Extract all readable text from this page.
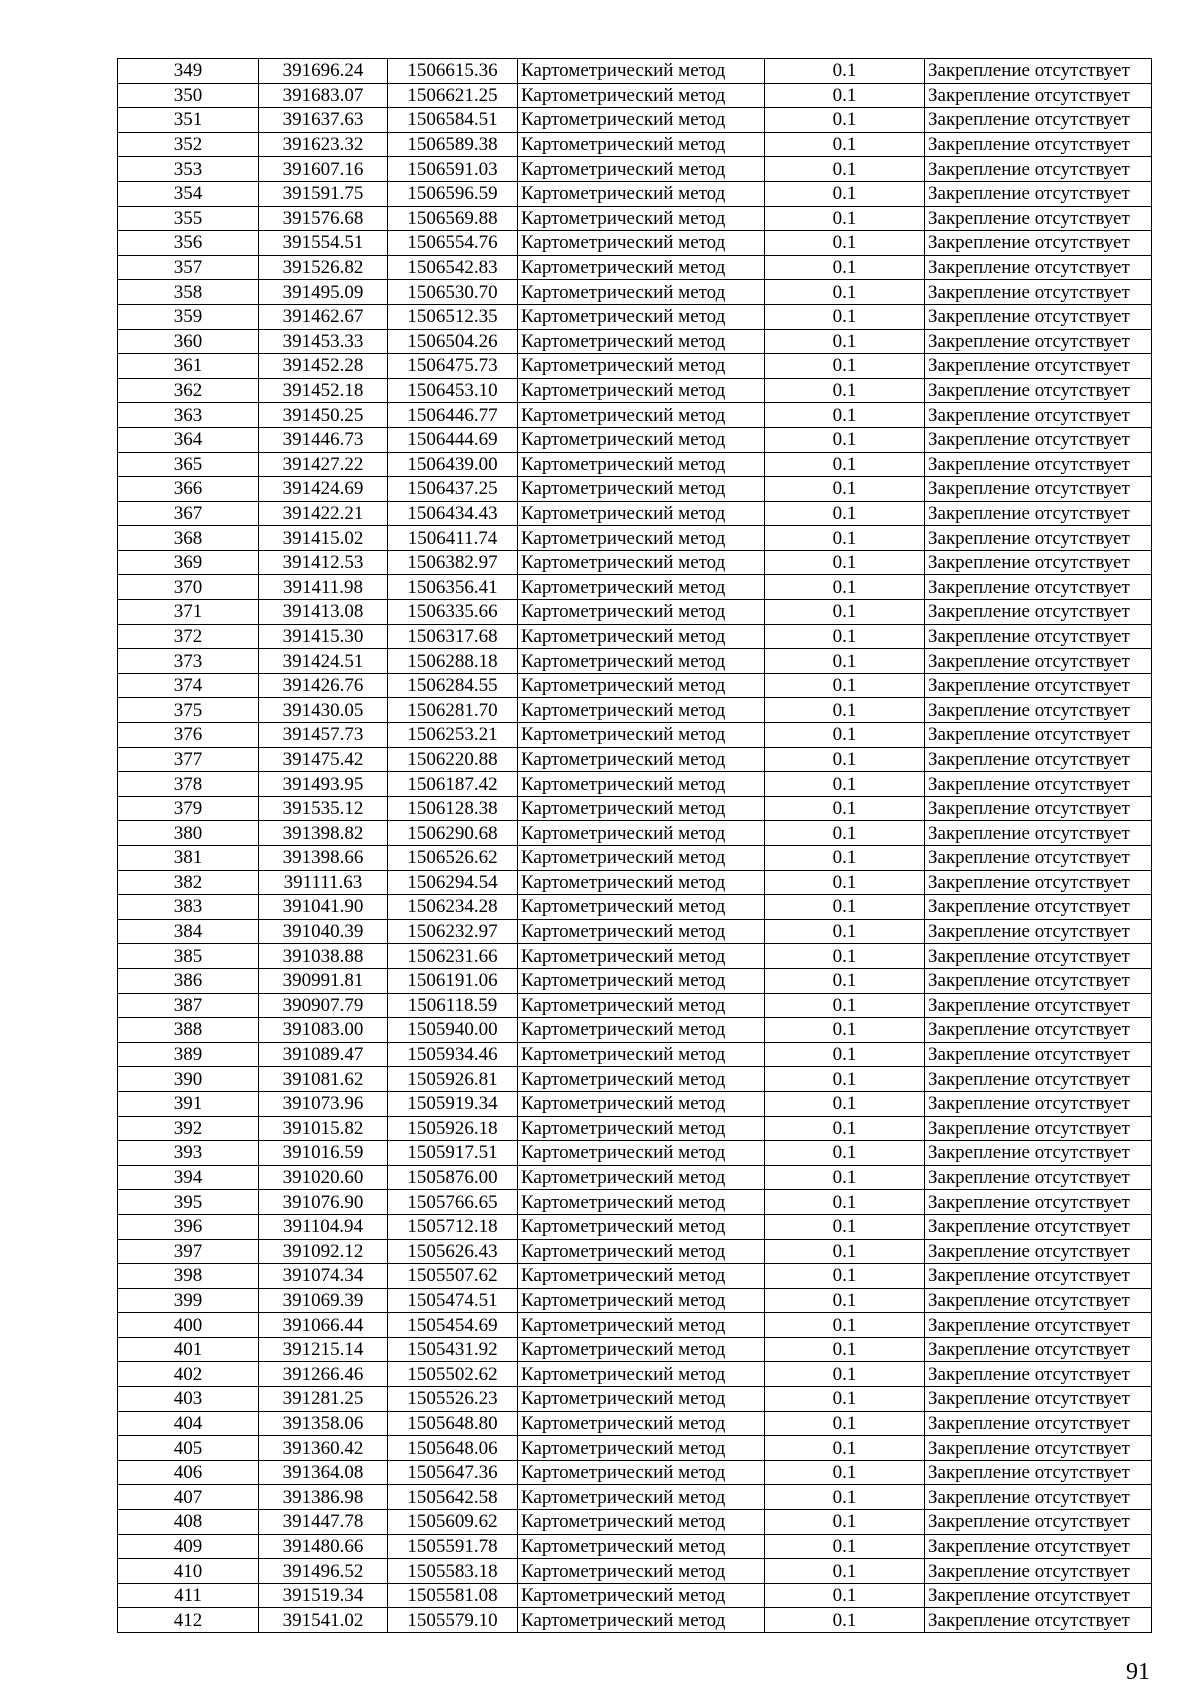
349	391696.24	1506615.36	Картометрический метод	0.1	Закрепление отсутствует
350	391683.07	1506621.25	Картометрический метод	0.1	Закрепление отсутствует
351	391637.63	1506584.51	Картометрический метод	0.1	Закрепление отсутствует
352	391623.32	1506589.38	Картометрический метод	0.1	Закрепление отсутствует
353	391607.16	1506591.03	Картометрический метод	0.1	Закрепление отсутствует
354	391591.75	1506596.59	Картометрический метод	0.1	Закрепление отсутствует
355	391576.68	1506569.88	Картометрический метод	0.1	Закрепление отсутствует
356	391554.51	1506554.76	Картометрический метод	0.1	Закрепление отсутствует
357	391526.82	1506542.83	Картометрический метод	0.1	Закрепление отсутствует
358	391495.09	1506530.70	Картометрический метод	0.1	Закрепление отсутствует
359	391462.67	1506512.35	Картометрический метод	0.1	Закрепление отсутствует
360	391453.33	1506504.26	Картометрический метод	0.1	Закрепление отсутствует
361	391452.28	1506475.73	Картометрический метод	0.1	Закрепление отсутствует
362	391452.18	1506453.10	Картометрический метод	0.1	Закрепление отсутствует
363	391450.25	1506446.77	Картометрический метод	0.1	Закрепление отсутствует
364	391446.73	1506444.69	Картометрический метод	0.1	Закрепление отсутствует
365	391427.22	1506439.00	Картометрический метод	0.1	Закрепление отсутствует
366	391424.69	1506437.25	Картометрический метод	0.1	Закрепление отсутствует
367	391422.21	1506434.43	Картометрический метод	0.1	Закрепление отсутствует
368	391415.02	1506411.74	Картометрический метод	0.1	Закрепление отсутствует
369	391412.53	1506382.97	Картометрический метод	0.1	Закрепление отсутствует
370	391411.98	1506356.41	Картометрический метод	0.1	Закрепление отсутствует
371	391413.08	1506335.66	Картометрический метод	0.1	Закрепление отсутствует
372	391415.30	1506317.68	Картометрический метод	0.1	Закрепление отсутствует
373	391424.51	1506288.18	Картометрический метод	0.1	Закрепление отсутствует
374	391426.76	1506284.55	Картометрический метод	0.1	Закрепление отсутствует
375	391430.05	1506281.70	Картометрический метод	0.1	Закрепление отсутствует
376	391457.73	1506253.21	Картометрический метод	0.1	Закрепление отсутствует
377	391475.42	1506220.88	Картометрический метод	0.1	Закрепление отсутствует
378	391493.95	1506187.42	Картометрический метод	0.1	Закрепление отсутствует
379	391535.12	1506128.38	Картометрический метод	0.1	Закрепление отсутствует
380	391398.82	1506290.68	Картометрический метод	0.1	Закрепление отсутствует
381	391398.66	1506526.62	Картометрический метод	0.1	Закрепление отсутствует
382	391111.63	1506294.54	Картометрический метод	0.1	Закрепление отсутствует
383	391041.90	1506234.28	Картометрический метод	0.1	Закрепление отсутствует
384	391040.39	1506232.97	Картометрический метод	0.1	Закрепление отсутствует
385	391038.88	1506231.66	Картометрический метод	0.1	Закрепление отсутствует
386	390991.81	1506191.06	Картометрический метод	0.1	Закрепление отсутствует
387	390907.79	1506118.59	Картометрический метод	0.1	Закрепление отсутствует
388	391083.00	1505940.00	Картометрический метод	0.1	Закрепление отсутствует
389	391089.47	1505934.46	Картометрический метод	0.1	Закрепление отсутствует
390	391081.62	1505926.81	Картометрический метод	0.1	Закрепление отсутствует
391	391073.96	1505919.34	Картометрический метод	0.1	Закрепление отсутствует
392	391015.82	1505926.18	Картометрический метод	0.1	Закрепление отсутствует
393	391016.59	1505917.51	Картометрический метод	0.1	Закрепление отсутствует
394	391020.60	1505876.00	Картометрический метод	0.1	Закрепление отсутствует
395	391076.90	1505766.65	Картометрический метод	0.1	Закрепление отсутствует
396	391104.94	1505712.18	Картометрический метод	0.1	Закрепление отсутствует
397	391092.12	1505626.43	Картометрический метод	0.1	Закрепление отсутствует
398	391074.34	1505507.62	Картометрический метод	0.1	Закрепление отсутствует
399	391069.39	1505474.51	Картометрический метод	0.1	Закрепление отсутствует
400	391066.44	1505454.69	Картометрический метод	0.1	Закрепление отсутствует
401	391215.14	1505431.92	Картометрический метод	0.1	Закрепление отсутствует
402	391266.46	1505502.62	Картометрический метод	0.1	Закрепление отсутствует
403	391281.25	1505526.23	Картометрический метод	0.1	Закрепление отсутствует
404	391358.06	1505648.80	Картометрический метод	0.1	Закрепление отсутствует
405	391360.42	1505648.06	Картометрический метод	0.1	Закрепление отсутствует
406	391364.08	1505647.36	Картометрический метод	0.1	Закрепление отсутствует
407	391386.98	1505642.58	Картометрический метод	0.1	Закрепление отсутствует
408	391447.78	1505609.62	Картометрический метод	0.1	Закрепление отсутствует
409	391480.66	1505591.78	Картометрический метод	0.1	Закрепление отсутствует
410	391496.52	1505583.18	Картометрический метод	0.1	Закрепление отсутствует
411	391519.34	1505581.08	Картометрический метод	0.1	Закрепление отсутствует
412	391541.02	1505579.10	Картометрический метод	0.1	Закрепление отсутствует
91
